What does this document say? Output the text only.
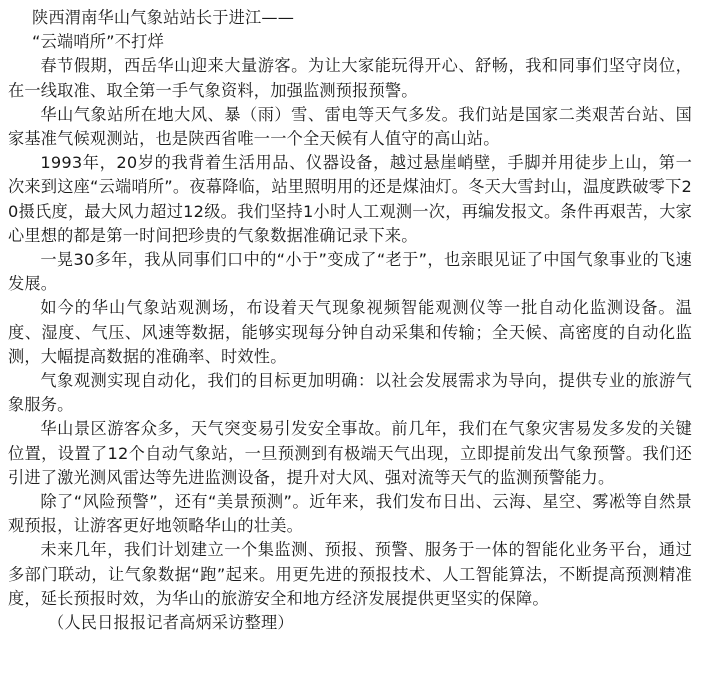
陕西渭南华山气象站站长于进江——

“云端哨所”不打烊

春节假期，西岳华山迎来大量游客。为让大家能玩得开心、舒畅，我和同事们坚守岗位，在一线取准、取全第一手气象资料，加强监测预报预警。

华山气象站所在地大风、暴（雨）雪、雷电等天气多发。我们站是国家二类艰苦台站、国家基准气候观测站，也是陕西省唯一一个全天候有人值守的高山站。

1993年，20岁的我背着生活用品、仪器设备，越过悬崖峭壁，手脚并用徒步上山，第一次来到这座“云端哨所”。夜幕降临，站里照明用的还是煤油灯。冬天大雪封山，温度跌破零下20摄氏度，最大风力超过12级。我们坚持1小时人工观测一次，再编发报文。条件再艰苦，大家心里想的都是第一时间把珍贵的气象数据准确记录下来。

一晃30多年，我从同事们口中的“小于”变成了“老于”，也亲眼见证了中国气象事业的飞速发展。

如今的华山气象站观测场，布设着天气现象视频智能观测仪等一批自动化监测设备。温度、湿度、气压、风速等数据，能够实现每分钟自动采集和传输；全天候、高密度的自动化监测，大幅提高数据的准确率、时效性。

气象观测实现自动化，我们的目标更加明确：以社会发展需求为导向，提供专业的旅游气象服务。

华山景区游客众多，天气突变易引发安全事故。前几年，我们在气象灾害易发多发的关键位置，设置了12个自动气象站，一旦预测到有极端天气出现，立即提前发出气象预警。我们还引进了激光测风雷达等先进监测设备，提升对大风、强对流等天气的监测预警能力。

除了“风险预警”，还有“美景预测”。近年来，我们发布日出、云海、星空、雾凇等自然景观预报，让游客更好地领略华山的壮美。

未来几年，我们计划建立一个集监测、预报、预警、服务于一体的智能化业务平台，通过多部门联动，让气象数据“跑”起来。用更先进的预报技术、人工智能算法，不断提高预测精准度，延长预报时效，为华山的旅游安全和地方经济发展提供更坚实的保障。

（人民日报报记者高炳采访整理）
